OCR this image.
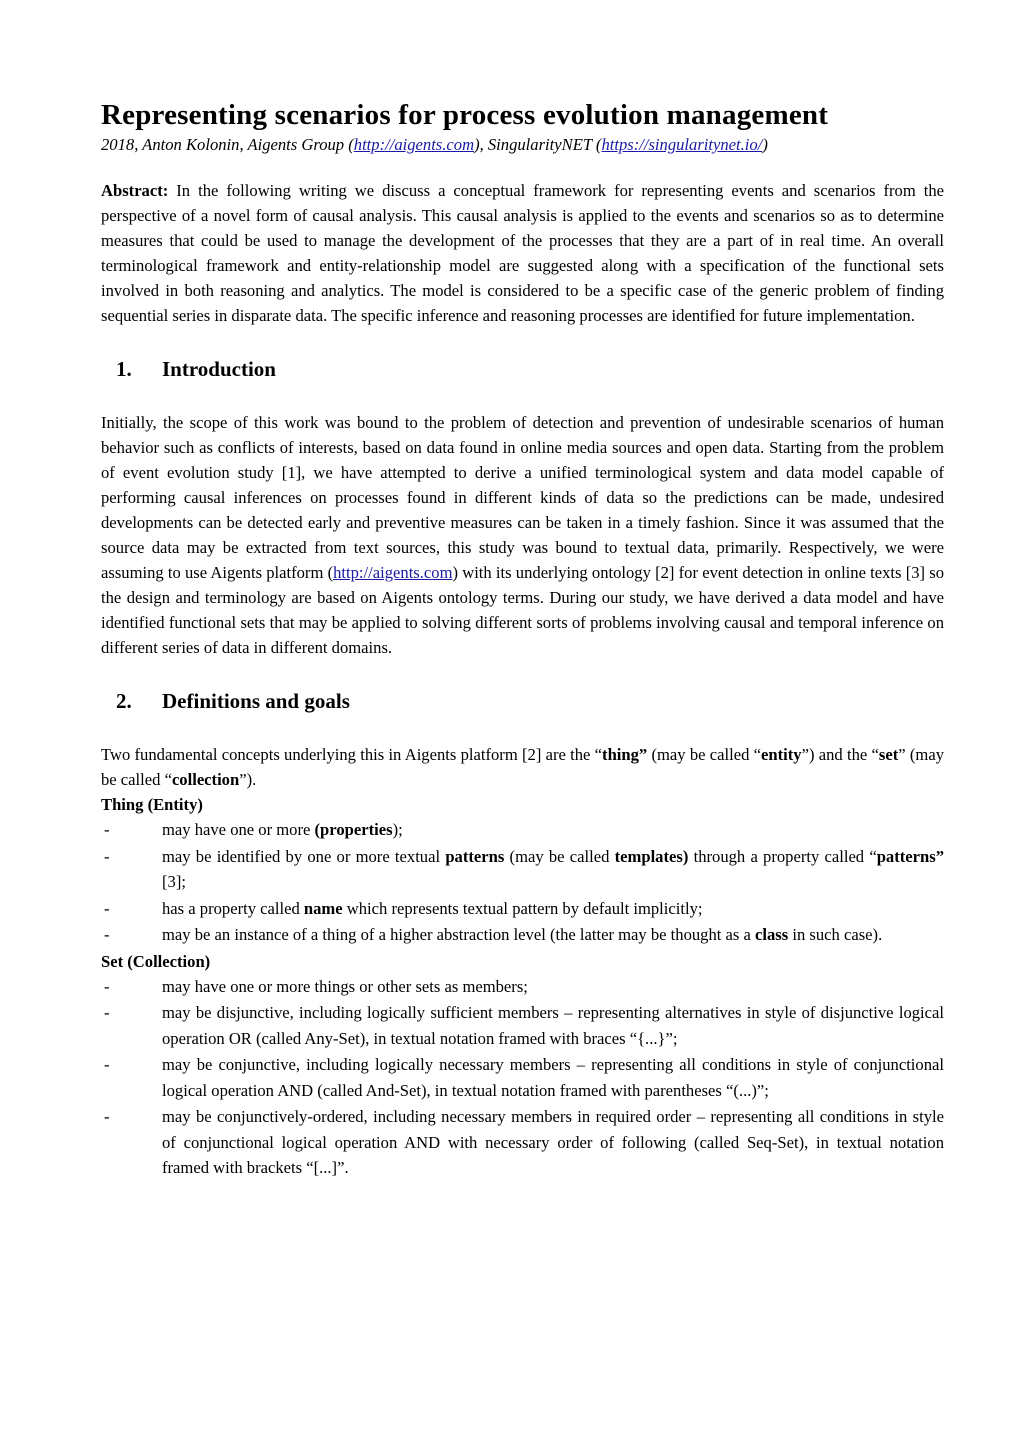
Representing scenarios for process evolution management

2018, Anton Kolonin, Aigents Group (http://aigents.com), SingularityNET (https://singularitynet.io/)

Abstract: In the following writing we discuss a conceptual framework for representing events and scenarios from the perspective of a novel form of causal analysis. This causal analysis is applied to the events and scenarios so as to determine measures that could be used to manage the development of the processes that they are a part of in real time. An overall terminological framework and entity-relationship model are suggested along with a specification of the functional sets involved in both reasoning and analytics. The model is considered to be a specific case of the generic problem of finding sequential series in disparate data. The specific inference and reasoning processes are identified for future implementation.

1.	Introduction

Initially, the scope of this work was bound to the problem of detection and prevention of undesirable scenarios of human behavior such as conflicts of interests, based on data found in online media sources and open data. Starting from the problem of event evolution study [1], we have attempted to derive a unified terminological system and data model capable of performing causal inferences on processes found in different kinds of data so the predictions can be made, undesired developments can be detected early and preventive measures can be taken in a timely fashion. Since it was assumed that the source data may be extracted from text sources, this study was bound to textual data, primarily. Respectively, we were assuming to use Aigents platform (http://aigents.com) with its underlying ontology [2] for event detection in online texts [3] so the design and terminology are based on Aigents ontology terms. During our study, we have derived a data model and have identified functional sets that may be applied to solving different sorts of problems involving causal and temporal inference on different series of data in different domains.

2.	Definitions and goals

Two fundamental concepts underlying this in Aigents platform [2] are the “thing” (may be called “entity”) and the “set” (may be called “collection”).

Thing (Entity)

-	may have one or more (properties);
-	may be identified by one or more textual patterns (may be called templates) through a property called “patterns” [3];
-	has a property called name which represents textual pattern by default implicitly;
-	may be an instance of a thing of a higher abstraction level (the latter may be thought as a class in such case).

Set (Collection)

-	may have one or more things or other sets as members;
-	may be disjunctive, including logically sufficient members – representing alternatives in style of disjunctive logical operation OR (called Any-Set), in textual notation framed with braces “{...}”;
-	may be conjunctive, including logically necessary members – representing all conditions in style of conjunctional logical operation AND (called And-Set), in textual notation framed with parentheses “(...)”;
-	may be conjunctively-ordered, including necessary members in required order – representing all conditions in style of conjunctional logical operation AND with necessary order of following (called Seq-Set), in textual notation framed with brackets “[...]”.
